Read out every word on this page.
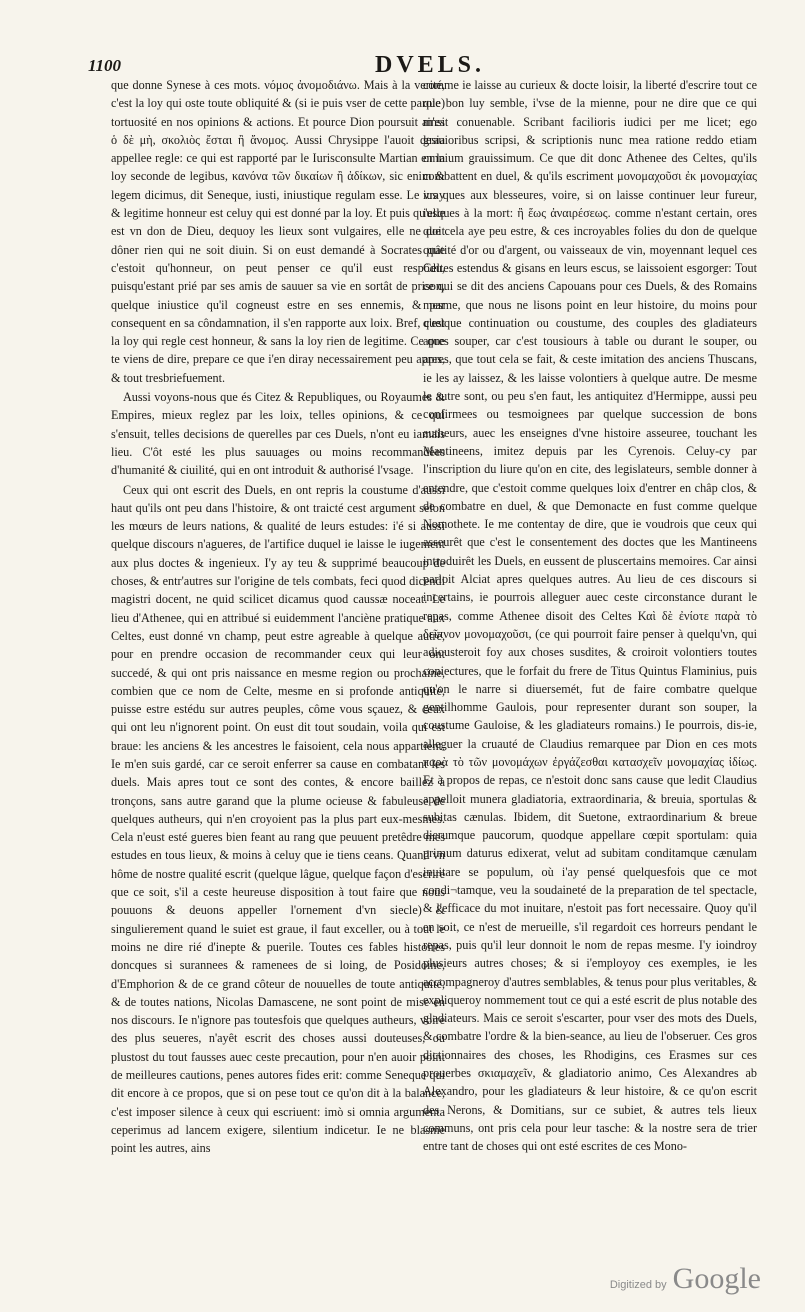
1100	DVELS.

que donne Synese à ces mots. νόμος ἀνομοδιάνω. Mais à la verité, c'est la loy qui oste toute obliquité & (si ie puis vser de cette parole) tortuosité en nos opinions & actions. Et pource Dion poursuit ainsi ὁ δὲ μὴ, σκολιὸς ἔσται ἢ ἄνομος. Aussi Chrysippe l'auoit desia appellee regle: ce qui est rapporté par le Iurisconsulte Martian en la loy seconde de legibus, κανόνα τῶν δικαίων ἢ ἀδίκων, sic enim & legem dicimus, dit Seneque, iusti, iniustique regulam esse. Le vray & legitime honneur est celuy qui est donné par la loy. Et puis qu'elle est vn don de Dieu, dequoy les lieux sont vulgaires, elle ne doit dôner rien qui ne soit diuin. Si on eust demandé à Socrates que c'estoit qu'honneur, on peut penser ce qu'il eust respôdu, puisqu'estant prié par ses amis de sauuer sa vie en sortât de prison, quelque iniustice qu'il cogneust estre en ses ennemis, & par consequent en sa côndamnation, il s'en rapporte aux loix. Bref, c'est la loy qui regle cest honneur, & sans la loy rien de legitime. Ce que te viens de dire, prepare ce que i'en diray necessairement peu apres, & tout tresbriefuement.

Aussi voyons-nous que és Citez & Republiques, ou Royaumes & Empires, mieux reglez par les loix, telles opinions, & ce qui s'ensuit, telles decisions de querelles par ces Duels, n'ont eu iamais lieu. C'ôt esté les plus sauuages ou moins recommandees d'humanité & ciuilité, qui en ont introduit & authorisé l'vsage.

Ceux qui ont escrit des Duels, en ont repris la coustume d'aussi haut qu'ils ont peu dans l'histoire, & ont traicté cest argument selon les mœurs de leurs nations, & qualité de leurs estudes: i'é si aussi quelque discours n'agueres, de l'artifice duquel ie laisse le iugement aux plus doctes & ingenieux. I'y ay teu & supprimé beaucoup de choses, & entr'autres sur l'origine de tels combats, feci quod dicendi magistri docent, ne quid scilicet dicamus quod caussæ noceat. Le lieu d'Athenee, qui en attribué si euidemment l'anciène pratique aux Celtes, eust donné vn champ, peut estre agreable à quelque autre, pour en prendre occasion de recommander ceux qui leur ont succedé, & qui ont pris naissance en mesme region ou prochaine, combien que ce nom de Celte, mesme en si profonde antiquité, puisse estre estédu sur autres peuples, côme vous sçauez, & ceux qui ont leu n'ignorent point. On eust dit tout soudain, voila qui est braue: les anciens & les ancestres le faisoient, cela nous appartient. Ie m'en suis gardé, car ce seroit enferrer sa cause en combatant les duels. Mais apres tout ce sont des contes, & encore baillez à tronçons, sans autre garand que la plume ocieuse & fabuleuse de quelques autheurs, qui n'en croyoient pas la plus part eux-mesmes. Cela n'eust esté gueres bien feant au rang que peuuent pretêdre mes estudes en tous lieux, & moins à celuy que ie tiens ceans. Quand vn hôme de nostre qualité escrit (quelque lâgue, quelque façon d'escrire que ce soit, s'il a ceste heureuse disposition à tout faire que nous pouuons & deuons appeller l'ornement d'vn siecle) & singulierement quand le suiet est graue, il faut exceller, ou à tout le moins ne dire rié d'inepte & puerile. Toutes ces fables histoires doncques si surannees & ramenees de si loing, de Posidoine, d'Emphorion & de ce grand côteur de nouuelles de toute antiquité, & de toutes nations, Nicolas Damascene, ne sont point de mise en nos discours. Ie n'ignore pas toutesfois que quelques autheurs, voire des plus seueres, n'ayêt escrit des choses aussi douteuses, ou plustost du tout fausses auec ceste precaution, pour n'en auoir point de meilleures cautions, penes autores fides erit: comme Seneque qui dit encore à ce propos, que si on pese tout ce qu'on dit à la balance, c'est imposer silence à ceux qui escriuent: imò si omnia argumenta ceperimus ad lancem exigere, silentium indicetur. Ie ne blasme point les autres, ains

comme ie laisse au curieux & docte loisir, la liberté d'escrire tout ce que bon luy semble, i'vse de la mienne, pour ne dire que ce qui m'est conuenable. Scribant facilioris iudici per me licet; ego grauioribus scripsi, & scriptionis nunc mea ratione reddo etiam omnium grauissimum. Ce que dit donc Athenee des Celtes, qu'ils combattent en duel, & qu'ils escriment μονομαχοῦσι ἐκ μονομαχίας ius ques aux blesseures, voire, si on laisse continuer leur fureur, iusques à la mort: ἢ ἕως ἀναιρέσεως. comme n'estant certain, ores que cela aye peu estre, & ces incroyables folies du don de quelque quâtité d'or ou d'argent, ou vaisseaux de vin, moyennant lequel ces Celtes estendus & gisans en leurs escus, se laissoient esgorger: Tout ce qui se dit des anciens Capouans pour ces Duels, & des Romains mesme, que nous ne lisons point en leur histoire, du moins pour quelque continuation ou coustume, des couples des gladiateurs apres souper, car c'est tousiours à table ou durant le souper, ou apres, que tout cela se fait, & ceste imitation des anciens Thuscans, ie les ay laissez, & les laisse volontiers à quelque autre. De mesme le autre sont, ou peu s'en faut, les antiquitez d'Hermippe, aussi peu confirmees ou tesmoignees par quelque succession de bons autheurs, auec les enseignes d'vne histoire asseuree, touchant les Mantineens, imitez depuis par les Cyrenois. Celuy-cy par l'inscription du liure qu'on en cite, des legislateurs, semble donner à entendre, que c'estoit comme quelques loix d'entrer en châp clos, & de combatre en duel, & que Demonacte en fust comme quelque Nomothete. Ie me contentay de dire, que ie voudrois que ceux qui asseurêt que c'est le consentement des doctes que les Mantineens introduirêt les Duels, en eussent de pluscertains memoires. Car ainsi parloit Alciat apres quelques autres. Au lieu de ces discours si incertains, ie pourrois alleguer auec ceste circonstance durant le repas, comme Athenee disoit des Celtes Καὶ δὲ ἐνίοτε παρὰ τὸ δεῖπνον μονομαχοῦσι, (ce qui pourroit faire penser à quelqu'vn, qui adiousteroit foy aux choses susdites, & croiroit volontiers toutes coniectures, que le forfait du frere de Titus Quintus Flaminius, puis qu'on le narre si diuersemét, fut de faire combatre quelque gentilhomme Gaulois, pour representer durant son souper, la coustume Gauloise, & les gladiateurs romains.) Ie pourrois, dis-ie, alleguer la cruauté de Claudius remarquee par Dion en ces mots παρὰ τὸ τῶν μονομάχων ἐργάζεσθαι κατασχεῖν μονομαχίας ἰδίως. Et à propos de repas, ce n'estoit donc sans cause que ledit Claudius appelloit munera gladiatoria, extraordinaria, & breuia, sportulas & subitas cænulas. Ibidem, dit Suetone, extraordinarium & breue dierumque paucorum, quodque appellare cœpit sportulam: quia primum daturus edixerat, velut ad subitam conditamque cænulam inuitare se populum, où i'ay pensé quelquesfois que ce mot condi¬tamque, veu la soudaineté de la preparation de tel spectacle, & l'efficace du mot inuitare, n'estoit pas fort necessaire. Quoy qu'il en soit, ce n'est de merueille, s'il regardoit ces horreurs pendant le repas, puis qu'il leur donnoit le nom de repas mesme. I'y ioindroy plusieurs autres choses; & si i'employoy ces exemples, ie les accompagneroy d'autres semblables, & tenus pour plus veritables, & expliqueroy nommement tout ce qui a esté escrit de plus notable des gladiateurs. Mais ce seroit s'escarter, pour vser des mots des Duels, & combatre l'ordre & la bien-seance, au lieu de l'obseruer. Ces gros dictionnaires des choses, les Rhodigins, ces Erasmes sur ces prouerbes σκιαμαχεῖν, & gladiatorio animo, Ces Alexandres ab Alexandro, pour les gladiateurs & leur histoire, & ce qu'on escrit des Nerons, & Domitians, sur ce subiet, & autres tels lieux communs, ont pris cela pour leur tasche: & la nostre sera de trier entre tant de choses qui ont esté escrites de ces Mono-

Digitized by Google
